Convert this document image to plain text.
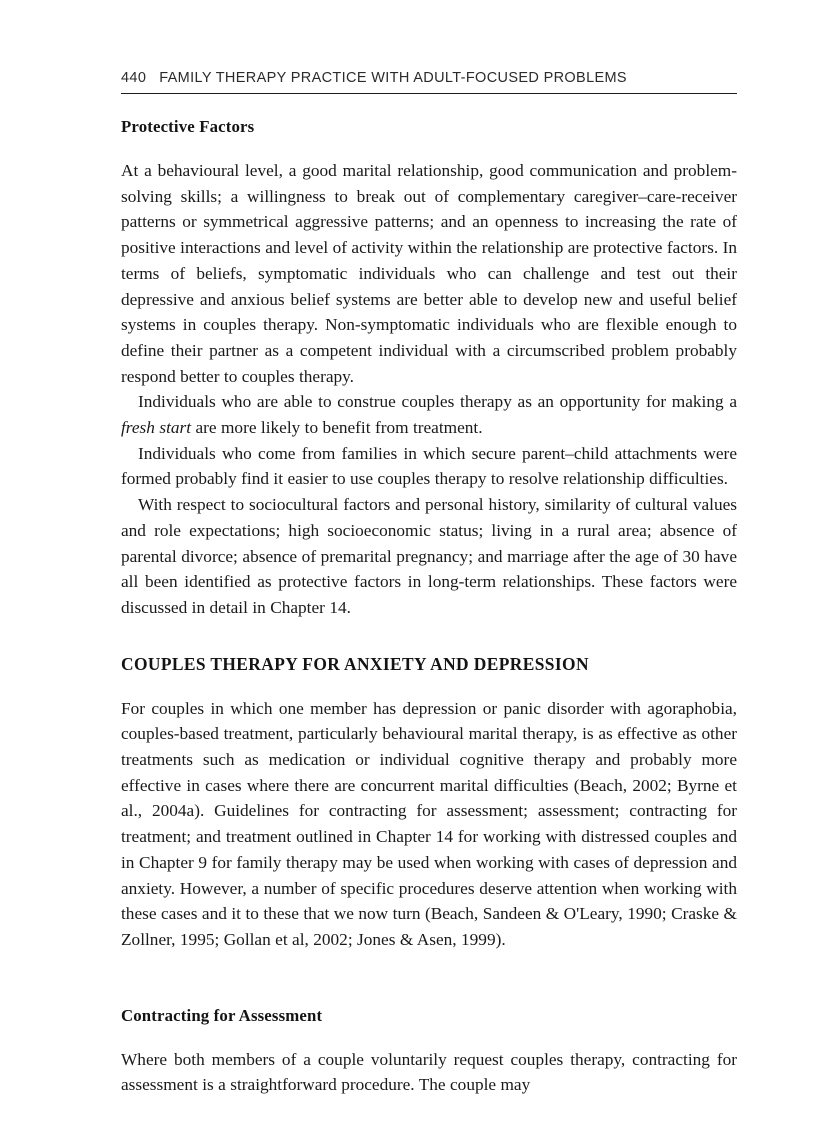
440 FAMILY THERAPY PRACTICE WITH ADULT-FOCUSED PROBLEMS
Protective Factors

At a behavioural level, a good marital relationship, good communication and problem-solving skills; a willingness to break out of complementary caregiver–care-receiver patterns or symmetrical aggressive patterns; and an openness to increasing the rate of positive interactions and level of activity within the relationship are protective factors. In terms of beliefs, symptomatic individuals who can challenge and test out their depressive and anxious belief systems are better able to develop new and useful belief systems in couples therapy. Non-symptomatic individuals who are flexible enough to define their partner as a competent individual with a circumscribed problem probably respond better to couples therapy.

Individuals who are able to construe couples therapy as an opportunity for making a fresh start are more likely to benefit from treatment.

Individuals who come from families in which secure parent–child attachments were formed probably find it easier to use couples therapy to resolve relationship difficulties.

With respect to sociocultural factors and personal history, similarity of cultural values and role expectations; high socioeconomic status; living in a rural area; absence of parental divorce; absence of premarital pregnancy; and marriage after the age of 30 have all been identified as protective factors in long-term relationships. These factors were discussed in detail in Chapter 14.

COUPLES THERAPY FOR ANXIETY AND DEPRESSION

For couples in which one member has depression or panic disorder with agoraphobia, couples-based treatment, particularly behavioural marital therapy, is as effective as other treatments such as medication or individual cognitive therapy and probably more effective in cases where there are concurrent marital difficulties (Beach, 2002; Byrne et al., 2004a). Guidelines for contracting for assessment; assessment; contracting for treatment; and treatment outlined in Chapter 14 for working with distressed couples and in Chapter 9 for family therapy may be used when working with cases of depression and anxiety. However, a number of specific procedures deserve attention when working with these cases and it to these that we now turn (Beach, Sandeen & O'Leary, 1990; Craske & Zollner, 1995; Gollan et al, 2002; Jones & Asen, 1999).

Contracting for Assessment

Where both members of a couple voluntarily request couples therapy, contracting for assessment is a straightforward procedure. The couple may
